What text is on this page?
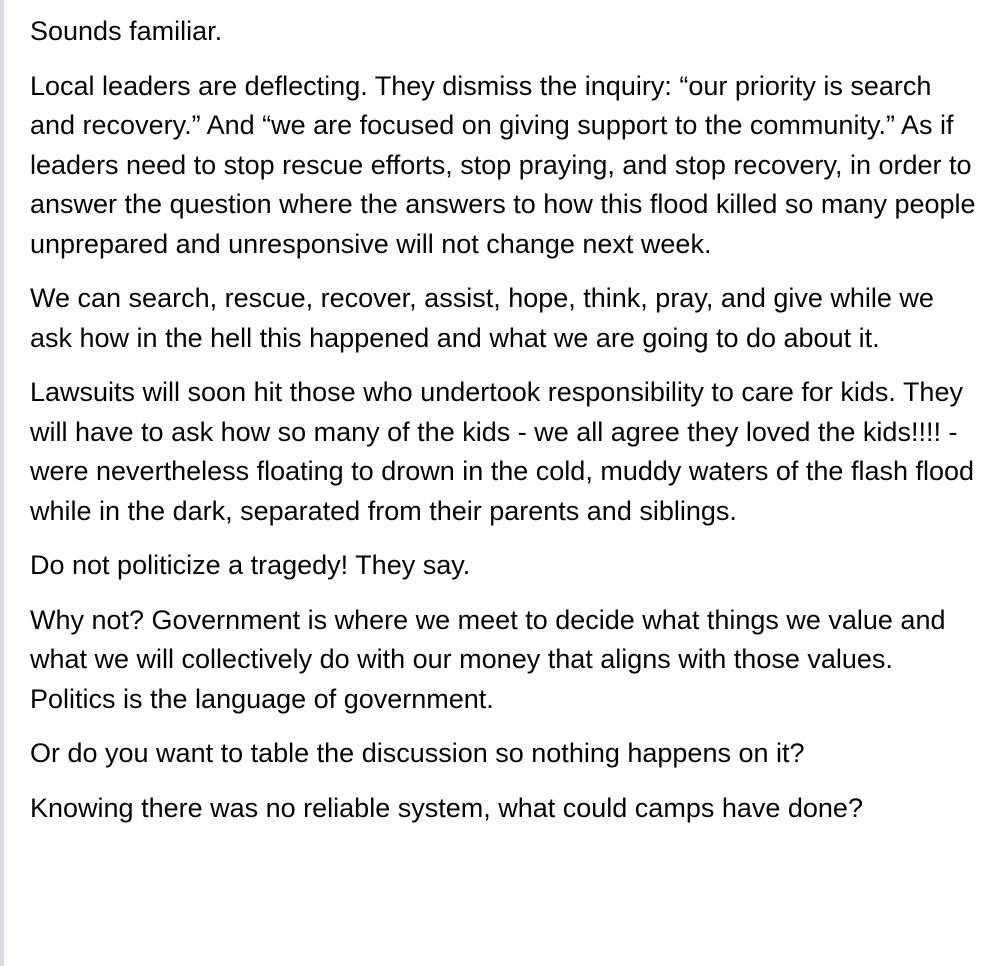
Sounds familiar.

Local leaders are deflecting. They dismiss the inquiry: “our priority is search and recovery.” And “we are focused on giving support to the community.” As if leaders need to stop rescue efforts, stop praying, and stop recovery, in order to answer the question where the answers to how this flood killed so many people unprepared and unresponsive will not change next week.

We can search, rescue, recover, assist, hope, think, pray, and give while we ask how in the hell this happened and what we are going to do about it.

Lawsuits will soon hit those who undertook responsibility to care for kids. They will have to ask how so many of the kids - we all agree they loved the kids!!!! - were nevertheless floating to drown in the cold, muddy waters of the flash flood while in the dark, separated from their parents and siblings.

Do not politicize a tragedy! They say.

Why not? Government is where we meet to decide what things we value and what we will collectively do with our money that aligns with those values. Politics is the language of government.

Or do you want to table the discussion so nothing happens on it?

Knowing there was no reliable system, what could camps have done?
